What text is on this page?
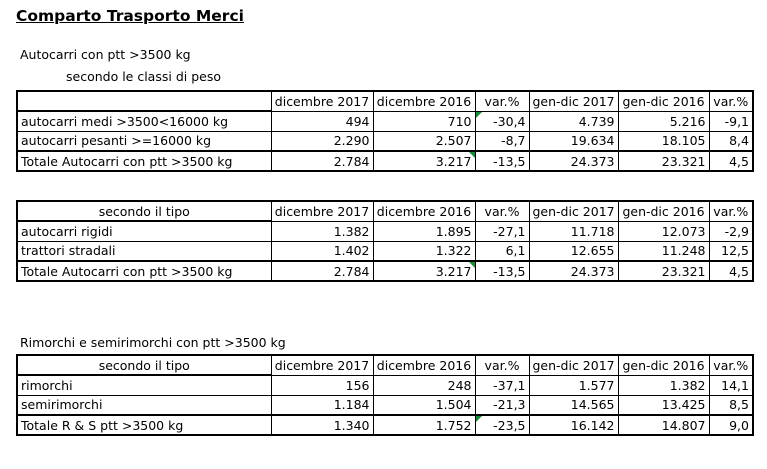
Comparto Trasporto Merci
Autocarri con ptt >3500 kg
secondo le classi di peso
	dicembre 2017	dicembre 2016	var.%	gen-dic 2017	gen-dic 2016	var.%
autocarri medi >3500<16000 kg	494	710	-30,4	4.739	5.216	-9,1
autocarri pesanti >=16000 kg	2.290	2.507	-8,7	19.634	18.105	8,4
Totale Autocarri con ptt >3500 kg	2.784	3.217	-13,5	24.373	23.321	4,5
secondo il tipo	dicembre 2017	dicembre 2016	var.%	gen-dic 2017	gen-dic 2016	var.%
autocarri rigidi	1.382	1.895	-27,1	11.718	12.073	-2,9
trattori stradali	1.402	1.322	6,1	12.655	11.248	12,5
Totale Autocarri con ptt >3500 kg	2.784	3.217	-13,5	24.373	23.321	4,5
Rimorchi e semirimorchi con ptt >3500 kg
secondo il tipo	dicembre 2017	dicembre 2016	var.%	gen-dic 2017	gen-dic 2016	var.%
rimorchi	156	248	-37,1	1.577	1.382	14,1
semirimorchi	1.184	1.504	-21,3	14.565	13.425	8,5
Totale R & S ptt >3500 kg	1.340	1.752	-23,5	16.142	14.807	9,0
